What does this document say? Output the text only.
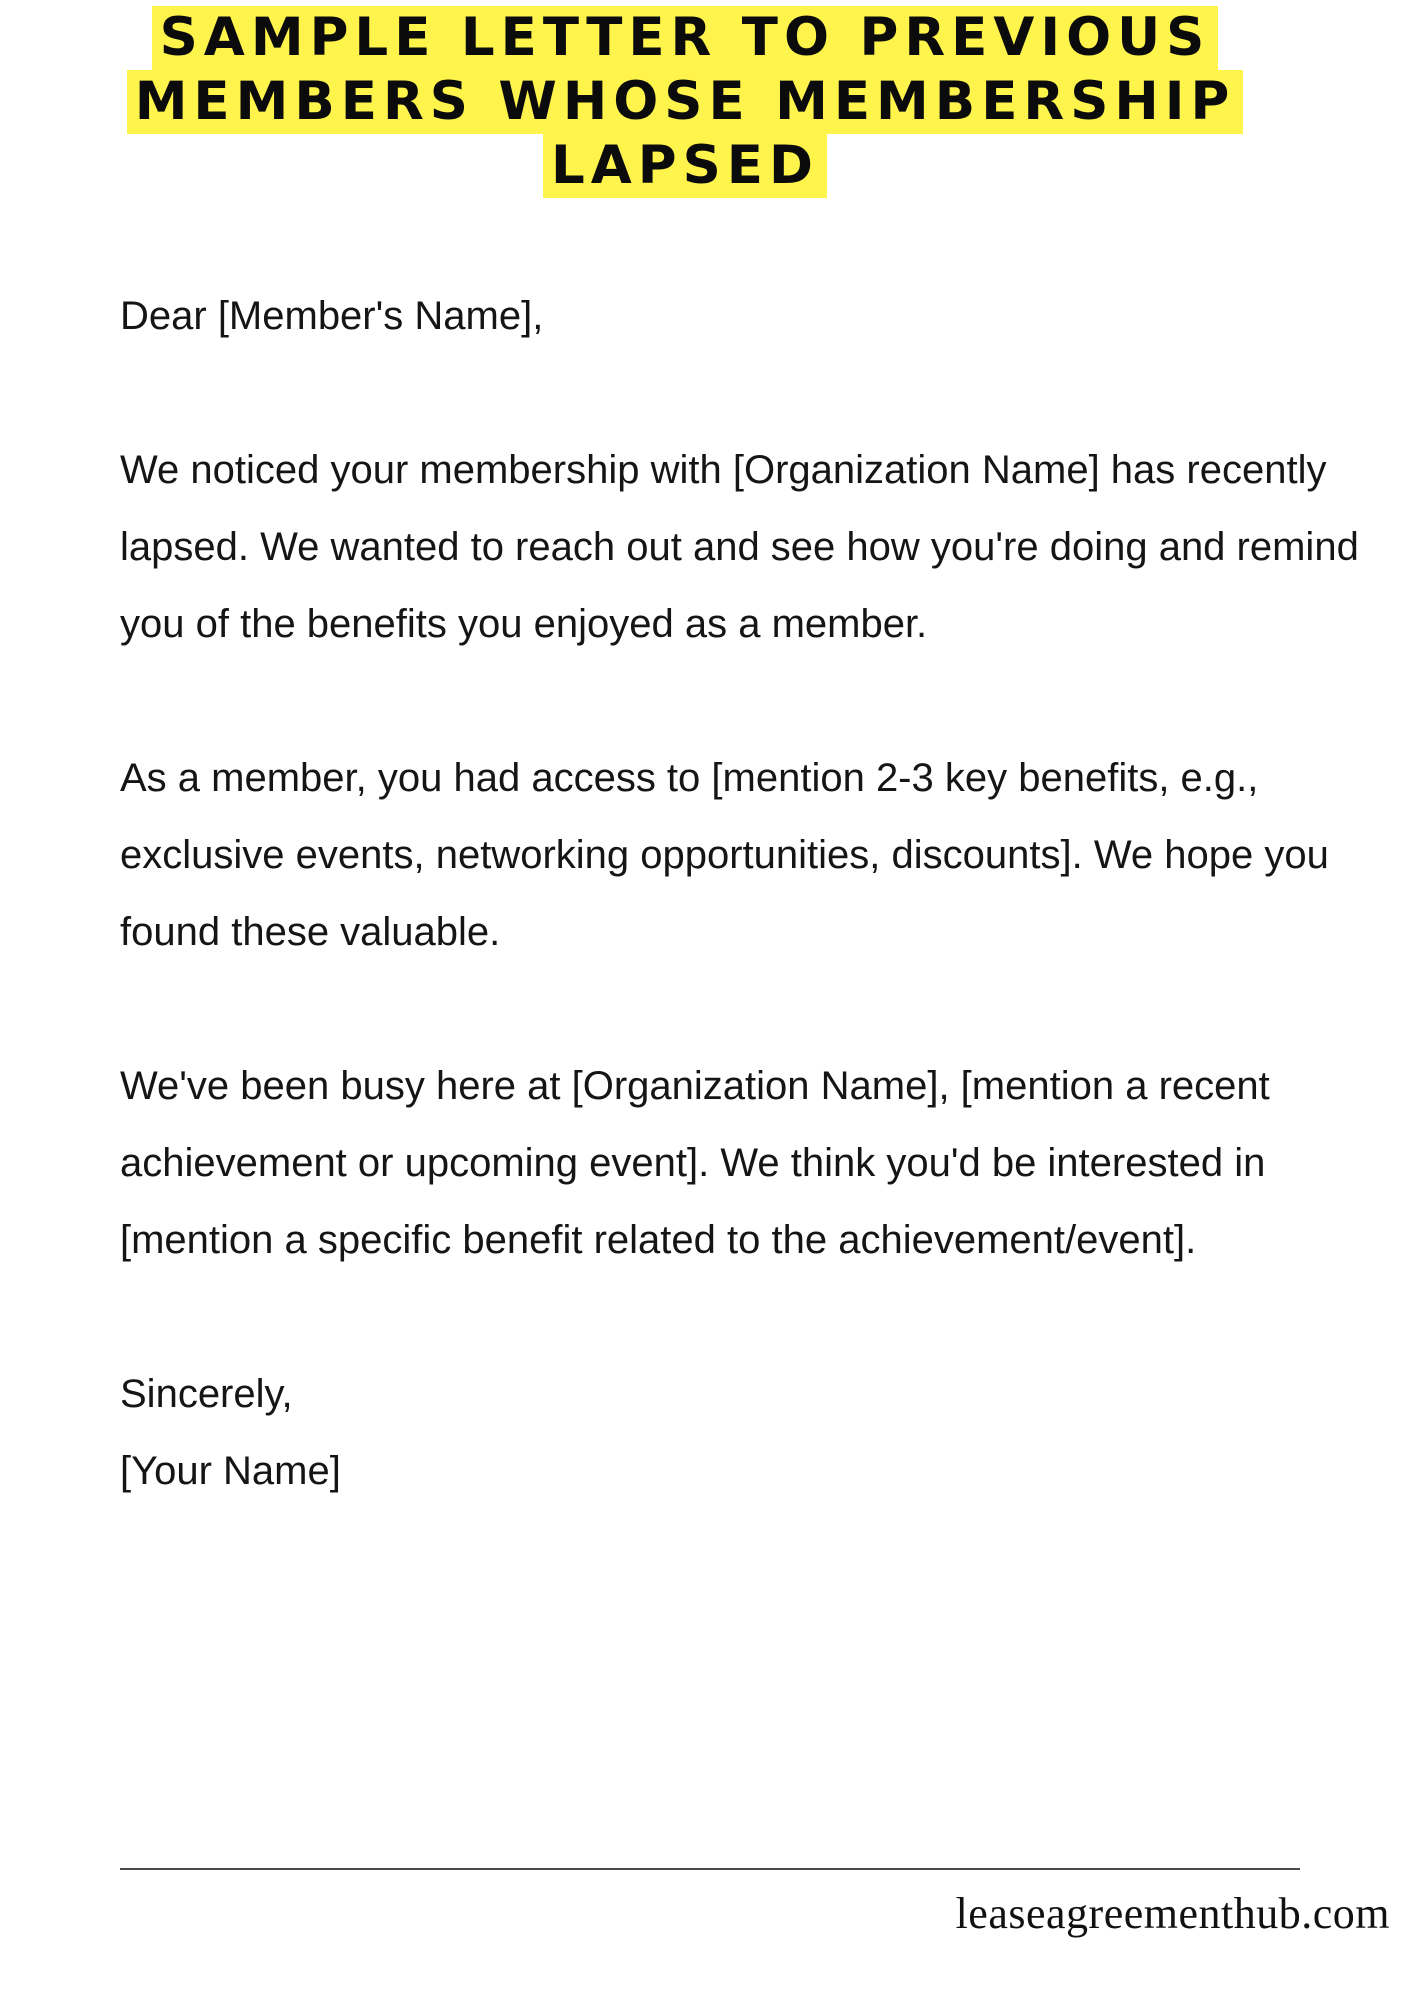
SAMPLE LETTER TO PREVIOUS
MEMBERS WHOSE MEMBERSHIP
LAPSED

Dear [Member's Name],

We noticed your membership with [Organization Name] has recently lapsed. We wanted to reach out and see how you're doing and remind you of the benefits you enjoyed as a member.

As a member, you had access to [mention 2-3 key benefits, e.g., exclusive events, networking opportunities, discounts]. We hope you found these valuable.

We've been busy here at [Organization Name], [mention a recent achievement or upcoming event]. We think you'd be interested in [mention a specific benefit related to the achievement/event].

Sincerely,

[Your Name]

leaseagreementhub.com
